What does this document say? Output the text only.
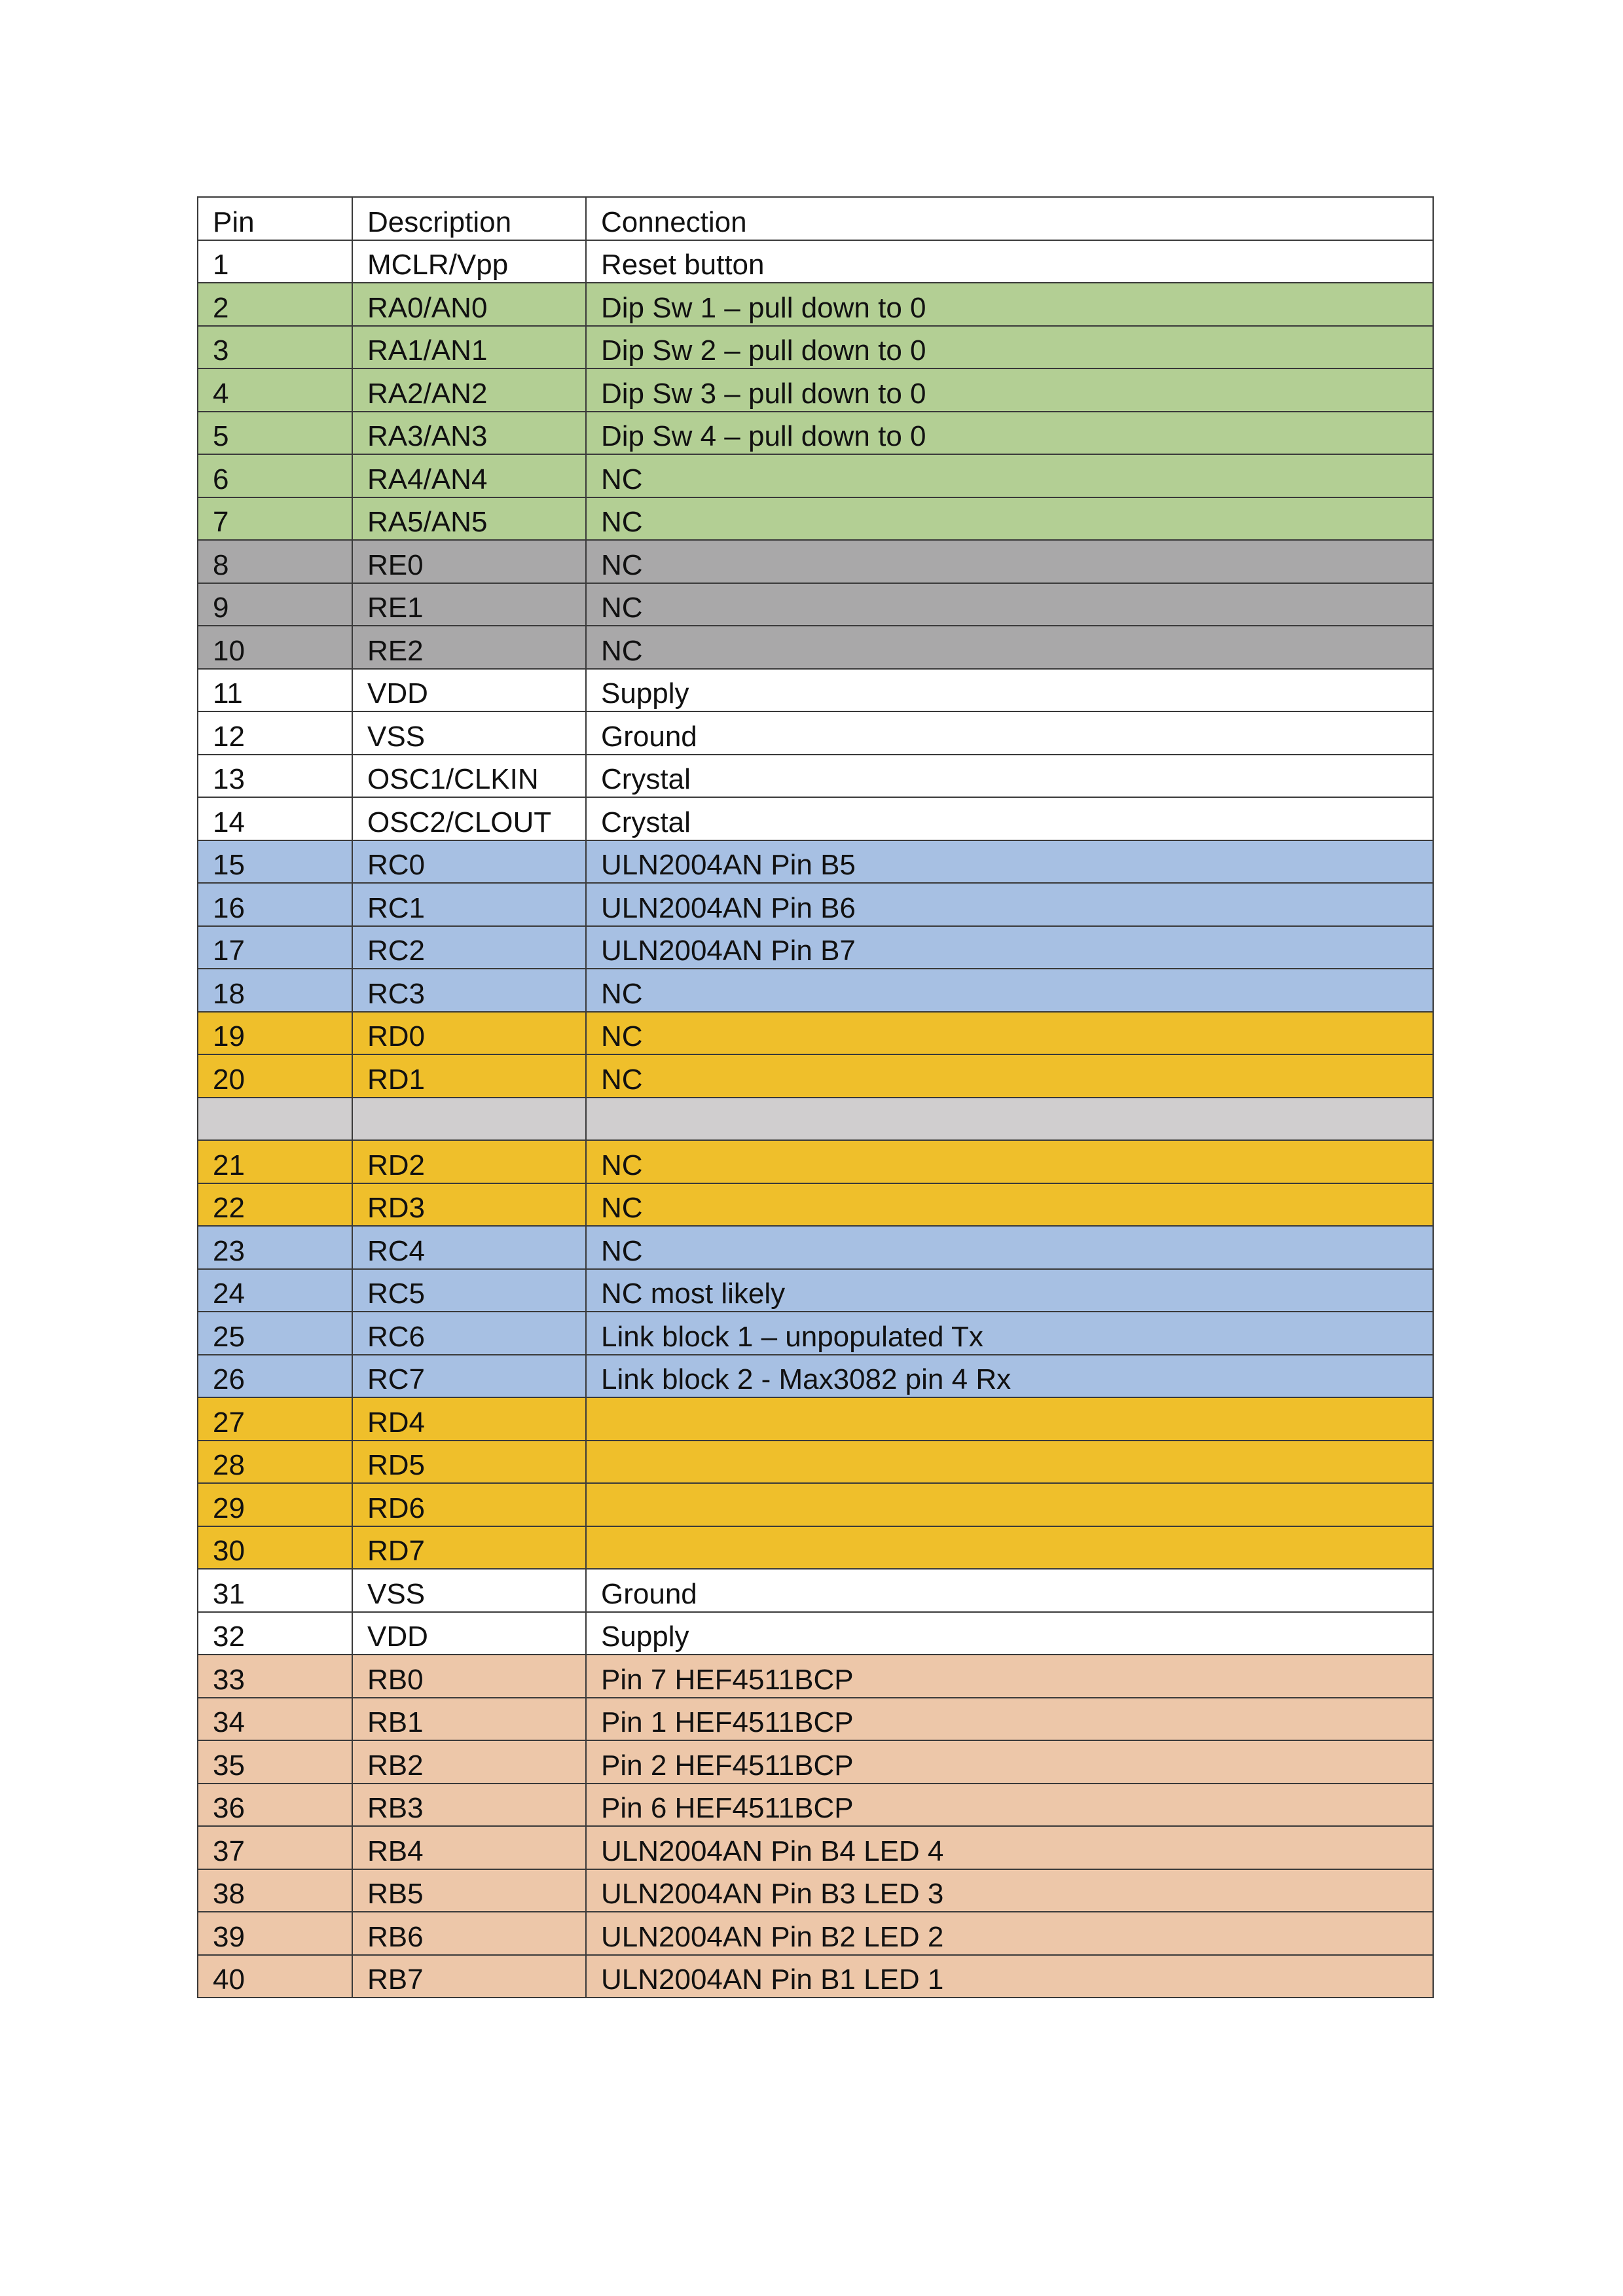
Pin	Description	Connection
1	MCLR/Vpp	Reset button
2	RA0/AN0	Dip Sw 1 – pull down to 0
3	RA1/AN1	Dip Sw 2 – pull down to 0
4	RA2/AN2	Dip Sw 3 – pull down to 0
5	RA3/AN3	Dip Sw 4 – pull down to 0
6	RA4/AN4	NC
7	RA5/AN5	NC
8	RE0	NC
9	RE1	NC
10	RE2	NC
11	VDD	Supply
12	VSS	Ground
13	OSC1/CLKIN	Crystal
14	OSC2/CLOUT	Crystal
15	RC0	ULN2004AN Pin B5
16	RC1	ULN2004AN Pin B6
17	RC2	ULN2004AN Pin B7
18	RC3	NC
19	RD0	NC
20	RD1	NC

21	RD2	NC
22	RD3	NC
23	RC4	NC
24	RC5	NC most likely
25	RC6	Link block 1 – unpopulated Tx
26	RC7	Link block 2 - Max3082 pin 4 Rx
27	RD4	
28	RD5	
29	RD6	
30	RD7	
31	VSS	Ground
32	VDD	Supply
33	RB0	Pin 7 HEF4511BCP
34	RB1	Pin 1 HEF4511BCP
35	RB2	Pin 2 HEF4511BCP
36	RB3	Pin 6 HEF4511BCP
37	RB4	ULN2004AN Pin B4 LED 4
38	RB5	ULN2004AN Pin B3 LED 3
39	RB6	ULN2004AN Pin B2 LED 2
40	RB7	ULN2004AN Pin B1 LED 1
